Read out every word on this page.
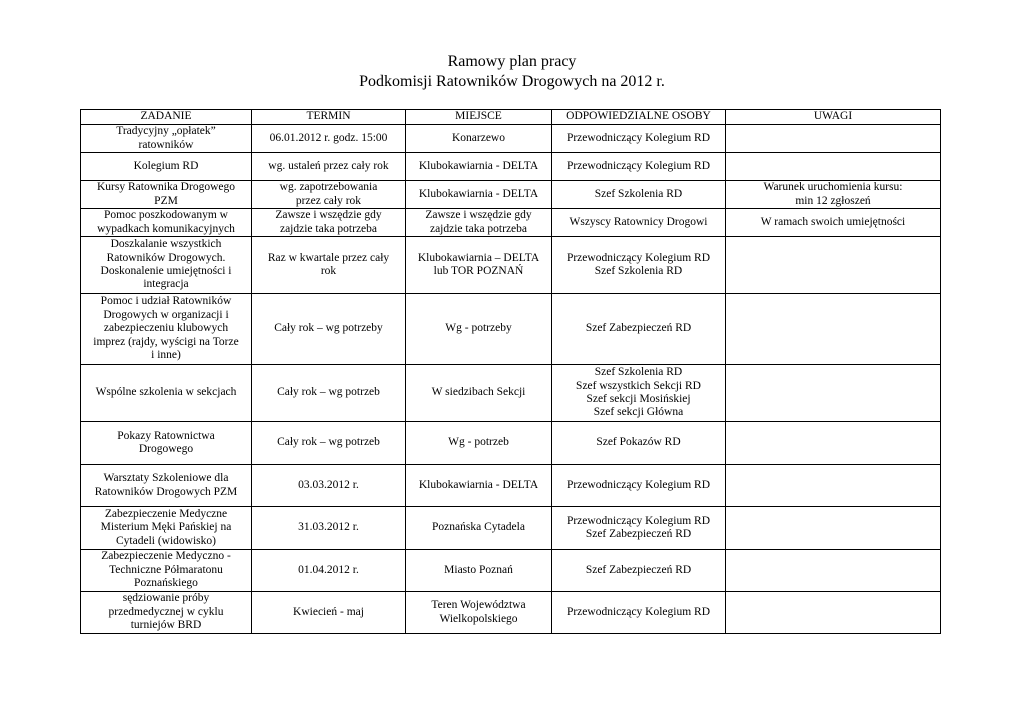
Ramowy plan pracy
Podkomisji Ratowników Drogowych na 2012 r.
ZADANIE	TERMIN	MIEJSCE	ODPOWIEDZIALNE OSOBY	UWAGI

Tradycyjny „opłatek”
ratowników	06.01.2012 r. godz. 15:00	Konarzewo	Przewodniczący Kolegium RD	

Kolegium RD	wg. ustaleń przez cały rok	Klubokawiarnia - DELTA	Przewodniczący Kolegium RD	

Kursy Ratownika Drogowego
PZM	wg. zapotrzebowania
przez cały rok	Klubokawiarnia - DELTA	Szef Szkolenia RD	Warunek uruchomienia kursu:
min 12 zgłoszeń

Pomoc poszkodowanym w
wypadkach komunikacyjnych	Zawsze i wszędzie gdy
zajdzie taka potrzeba	Zawsze i wszędzie gdy
zajdzie taka potrzeba	Wszyscy Ratownicy Drogowi	W ramach swoich umiejętności

Doszkalanie wszystkich
Ratowników Drogowych.
Doskonalenie umiejętności i
integracja	Raz w kwartale przez cały
rok	Klubokawiarnia – DELTA
lub TOR POZNAŃ	Przewodniczący Kolegium RD
Szef Szkolenia RD	

Pomoc i udział Ratowników
Drogowych w organizacji i
zabezpieczeniu klubowych
imprez (rajdy, wyścigi na Torze
i inne)	Cały rok – wg potrzeby	Wg - potrzeby	Szef Zabezpieczeń RD	

Wspólne szkolenia w sekcjach	Cały rok – wg potrzeb	W siedzibach Sekcji	Szef Szkolenia RD
Szef wszystkich Sekcji RD
Szef sekcji Mosińskiej
Szef sekcji Główna	

Pokazy Ratownictwa
Drogowego	Cały rok – wg potrzeb	Wg - potrzeb	Szef Pokazów RD	

Warsztaty Szkoleniowe dla
Ratowników Drogowych PZM	03.03.2012 r.	Klubokawiarnia - DELTA	Przewodniczący Kolegium RD	

Zabezpieczenie Medyczne
Misterium Męki Pańskiej na
Cytadeli (widowisko)	31.03.2012 r.	Poznańska Cytadela	Przewodniczący Kolegium RD
Szef Zabezpieczeń RD	

Zabezpieczenie Medyczno -
Techniczne Półmaratonu
Poznańskiego	01.04.2012 r.	Miasto Poznań	Szef Zabezpieczeń RD	

sędziowanie próby
przedmedycznej w cyklu
turniejów BRD	Kwiecień - maj	Teren Województwa
Wielkopolskiego	Przewodniczący Kolegium RD	
